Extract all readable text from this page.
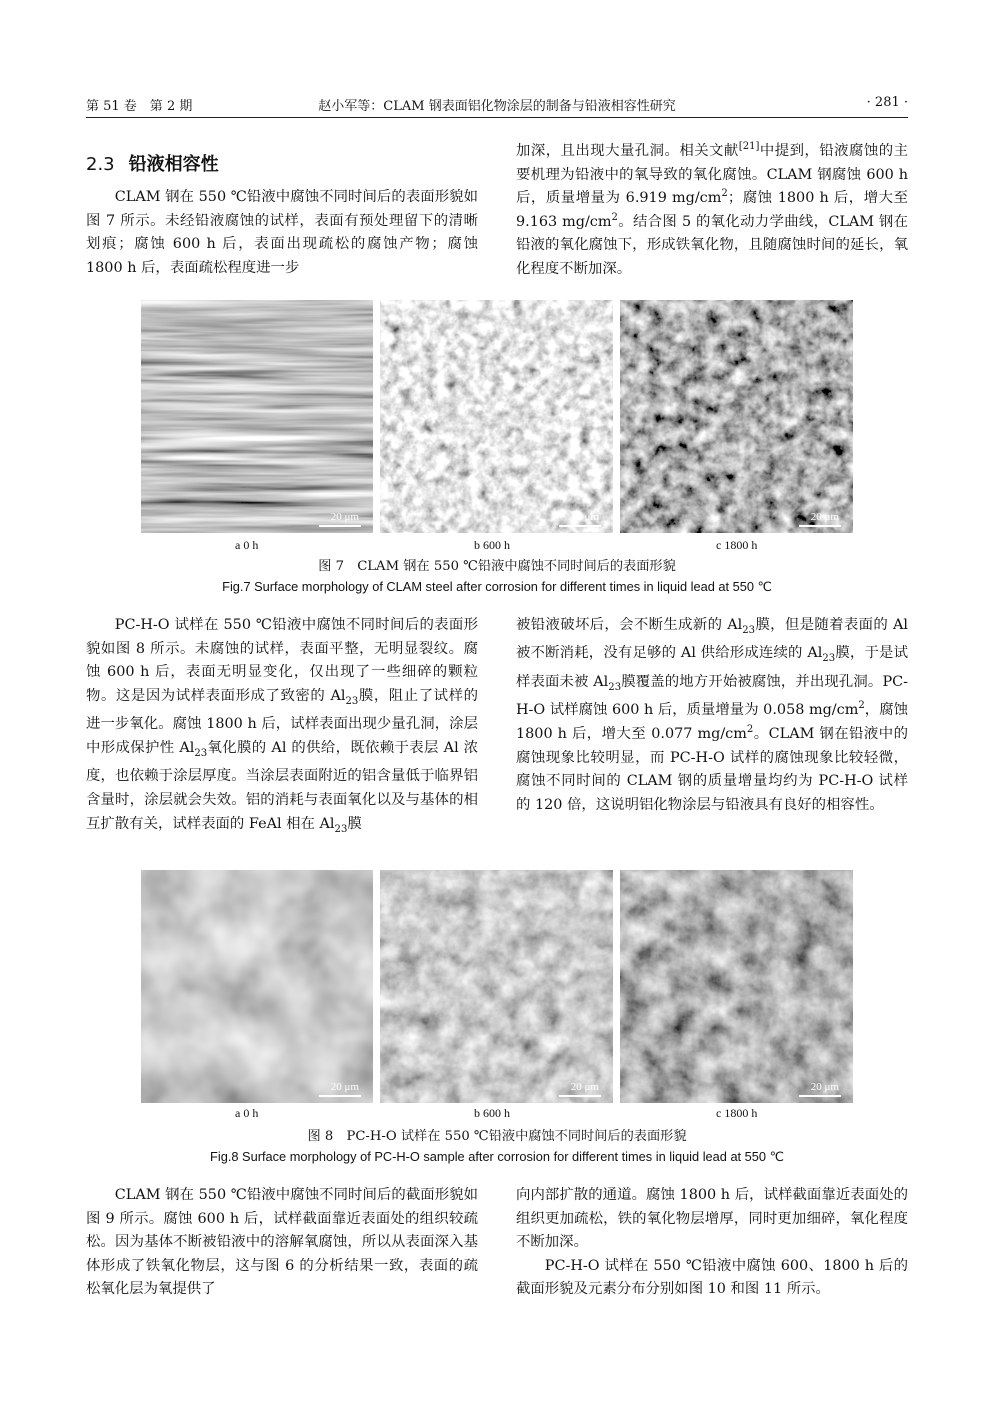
第 51 卷　第 2 期	赵小军等：CLAM 钢表面铝化物涂层的制备与铅液相容性研究	· 281 ·
2.3 铅液相容性

CLAM 钢在 550 ℃铅液中腐蚀不同时间后的表面形貌如图 7 所示。未经铅液腐蚀的试样，表面有预处理留下的清晰划痕；腐蚀 600 h 后，表面出现疏松的腐蚀产物；腐蚀 1800 h 后，表面疏松程度进一步

加深，且出现大量孔洞。相关文献[21]中提到，铅液腐蚀的主要机理为铅液中的氧导致的氧化腐蚀。CLAM 钢腐蚀 600 h 后，质量增量为 6.919 $mg/cm^2$；腐蚀 1800 h 后，增大至 9.163 $mg/cm^2$。结合图 5 的氧化动力学曲线，CLAM 钢在铅液的氧化腐蚀下，形成铁氧化物，且随腐蚀时间的延长，氧化程度不断加深。

20 μm	20 μm	20 μm
a 0 h	b 600 h	c 1800 h
图 7　CLAM 钢在 550 ℃铅液中腐蚀不同时间后的表面形貌
Fig.7 Surface morphology of CLAM steel after corrosion for different times in liquid lead at 550 ℃

PC-H-O 试样在 550 ℃铅液中腐蚀不同时间后的表面形貌如图 8 所示。未腐蚀的试样，表面平整，无明显裂纹。腐蚀 600 h 后，表面无明显变化，仅出现了一些细碎的颗粒物。这是因为试样表面形成了致密的 $Al_{23}$膜，阻止了试样的进一步氧化。腐蚀 1800 h 后，试样表面出现少量孔洞，涂层中形成保护性 $Al_{23}$氧化膜的 Al 的供给，既依赖于表层 Al 浓度，也依赖于涂层厚度。当涂层表面附近的铝含量低于临界铝含量时，涂层就会失效。铝的消耗与表面氧化以及与基体的相互扩散有关，试样表面的 FeAl 相在 $Al_{23}$膜

被铅液破坏后，会不断生成新的 $Al_{23}$膜，但是随着表面的 Al 被不断消耗，没有足够的 Al 供给形成连续的 $Al_{23}$膜，于是试样表面未被 $Al_{23}$膜覆盖的地方开始被腐蚀，并出现孔洞。PC-H-O 试样腐蚀 600 h 后，质量增量为 0.058 $mg/cm^2$，腐蚀 1800 h 后，增大至 0.077 $mg/cm^2$。CLAM 钢在铅液中的腐蚀现象比较明显，而 PC-H-O 试样的腐蚀现象比较轻微，腐蚀不同时间的 CLAM 钢的质量增量均约为 PC-H-O 试样的 120 倍，这说明铝化物涂层与铅液具有良好的相容性。

20 μm	20 μm	20 μm
a 0 h	b 600 h	c 1800 h
图 8　PC-H-O 试样在 550 ℃铅液中腐蚀不同时间后的表面形貌
Fig.8 Surface morphology of PC-H-O sample after corrosion for different times in liquid lead at 550 ℃

CLAM 钢在 550 ℃铅液中腐蚀不同时间后的截面形貌如图 9 所示。腐蚀 600 h 后，试样截面靠近表面处的组织较疏松。因为基体不断被铅液中的溶解氧腐蚀，所以从表面深入基体形成了铁氧化物层，这与图 6 的分析结果一致，表面的疏松氧化层为氧提供了

向内部扩散的通道。腐蚀 1800 h 后，试样截面靠近表面处的组织更加疏松，铁的氧化物层增厚，同时更加细碎，氧化程度不断加深。

PC-H-O 试样在 550 ℃铅液中腐蚀 600、1800 h 后的截面形貌及元素分布分别如图 10 和图 11 所示。
